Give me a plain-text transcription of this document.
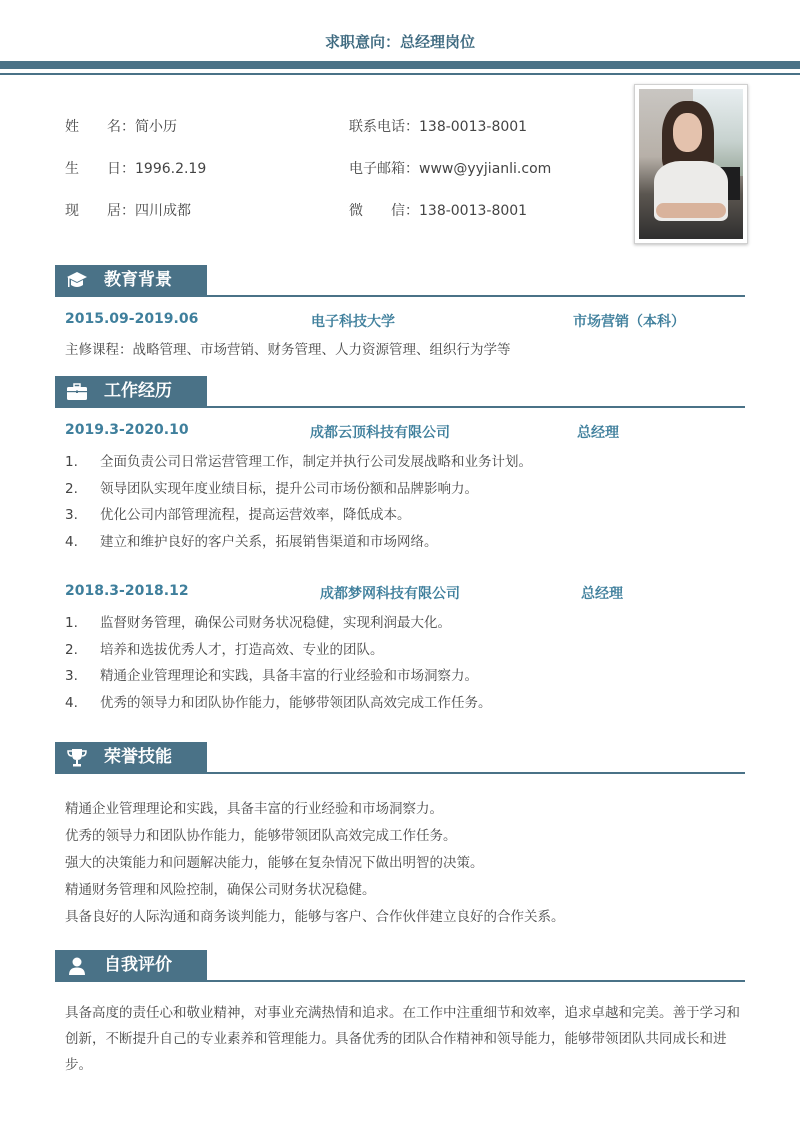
求职意向：总经理岗位
姓　　名：简小历
生　　日：1996.2.19
现　　居：四川成都
联系电话：138-0013-8001
电子邮箱：www@yyjianli.com
微　　信：138-0013-8001
教育背景
2015.09-2019.06	电子科技大学	市场营销（本科）
主修课程：战略管理、市场营销、财务管理、人力资源管理、组织行为学等
工作经历
2019.3-2020.10	成都云顶科技有限公司	总经理
1. 全面负责公司日常运营管理工作，制定并执行公司发展战略和业务计划。
2. 领导团队实现年度业绩目标，提升公司市场份额和品牌影响力。
3. 优化公司内部管理流程，提高运营效率，降低成本。
4. 建立和维护良好的客户关系，拓展销售渠道和市场网络。
2018.3-2018.12	成都梦网科技有限公司	总经理
1. 监督财务管理，确保公司财务状况稳健，实现利润最大化。
2. 培养和选拔优秀人才，打造高效、专业的团队。
3. 精通企业管理理论和实践，具备丰富的行业经验和市场洞察力。
4. 优秀的领导力和团队协作能力，能够带领团队高效完成工作任务。
荣誉技能
精通企业管理理论和实践，具备丰富的行业经验和市场洞察力。
优秀的领导力和团队协作能力，能够带领团队高效完成工作任务。
强大的决策能力和问题解决能力，能够在复杂情况下做出明智的决策。
精通财务管理和风险控制，确保公司财务状况稳健。
具备良好的人际沟通和商务谈判能力，能够与客户、合作伙伴建立良好的合作关系。
自我评价
具备高度的责任心和敬业精神，对事业充满热情和追求。在工作中注重细节和效率，追求卓越和完美。善于学习和创新，不断提升自己的专业素养和管理能力。具备优秀的团队合作精神和领导能力，能够带领团队共同成长和进步。
